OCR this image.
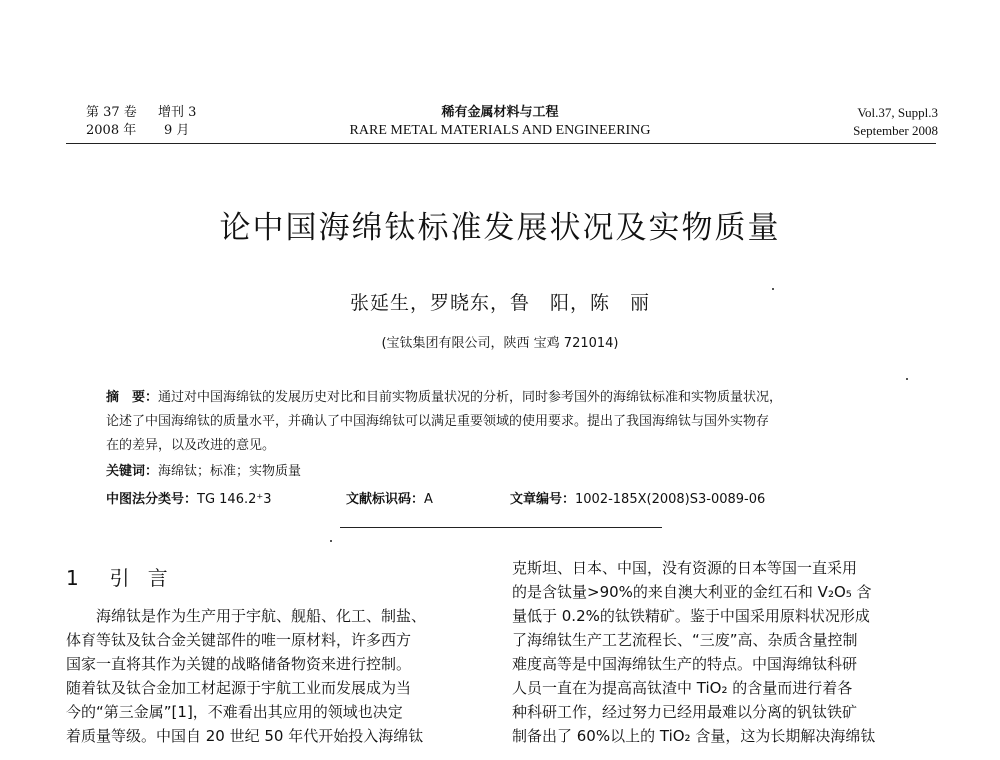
第 37 卷 增刊 3
2008 年 9 月
稀有金属材料与工程
RARE METAL MATERIALS AND ENGINEERING
Vol.37, Suppl.3
September 2008
论中国海绵钛标准发展状况及实物质量
张延生，罗晓东，鲁　阳，陈　丽
(宝钛集团有限公司，陕西 宝鸡 721014)
摘　要：通过对中国海绵钛的发展历史对比和目前实物质量状况的分析，同时参考国外的海绵钛标准和实物质量状况，
论述了中国海绵钛的质量水平，并确认了中国海绵钛可以满足重要领域的使用要求。提出了我国海绵钛与国外实物存
在的差异，以及改进的意见。
关键词：海绵钛；标准；实物质量
中图法分类号：TG 146.2⁺3	文献标识码：A	文章编号：1002-185X(2008)S3-0089-06
1 引 言
　　海绵钛是作为生产用于宇航、舰船、化工、制盐、
体育等钛及钛合金关键部件的唯一原材料，许多西方
国家一直将其作为关键的战略储备物资来进行控制。
随着钛及钛合金加工材起源于宇航工业而发展成为当
今的“第三金属”[1]，不难看出其应用的领域也决定
着质量等级。中国自 20 世纪 50 年代开始投入海绵钛
克斯坦、日本、中国，没有资源的日本等国一直采用
的是含钛量>90%的来自澳大利亚的金红石和 V₂O₅ 含
量低于 0.2%的钛铁精矿。鉴于中国采用原料状况形成
了海绵钛生产工艺流程长、“三废”高、杂质含量控制
难度高等是中国海绵钛生产的特点。中国海绵钛科研
人员一直在为提高高钛渣中 TiO₂ 的含量而进行着各
种科研工作，经过努力已经用最难以分离的钒钛铁矿
制备出了 60%以上的 TiO₂ 含量，这为长期解决海绵钛
